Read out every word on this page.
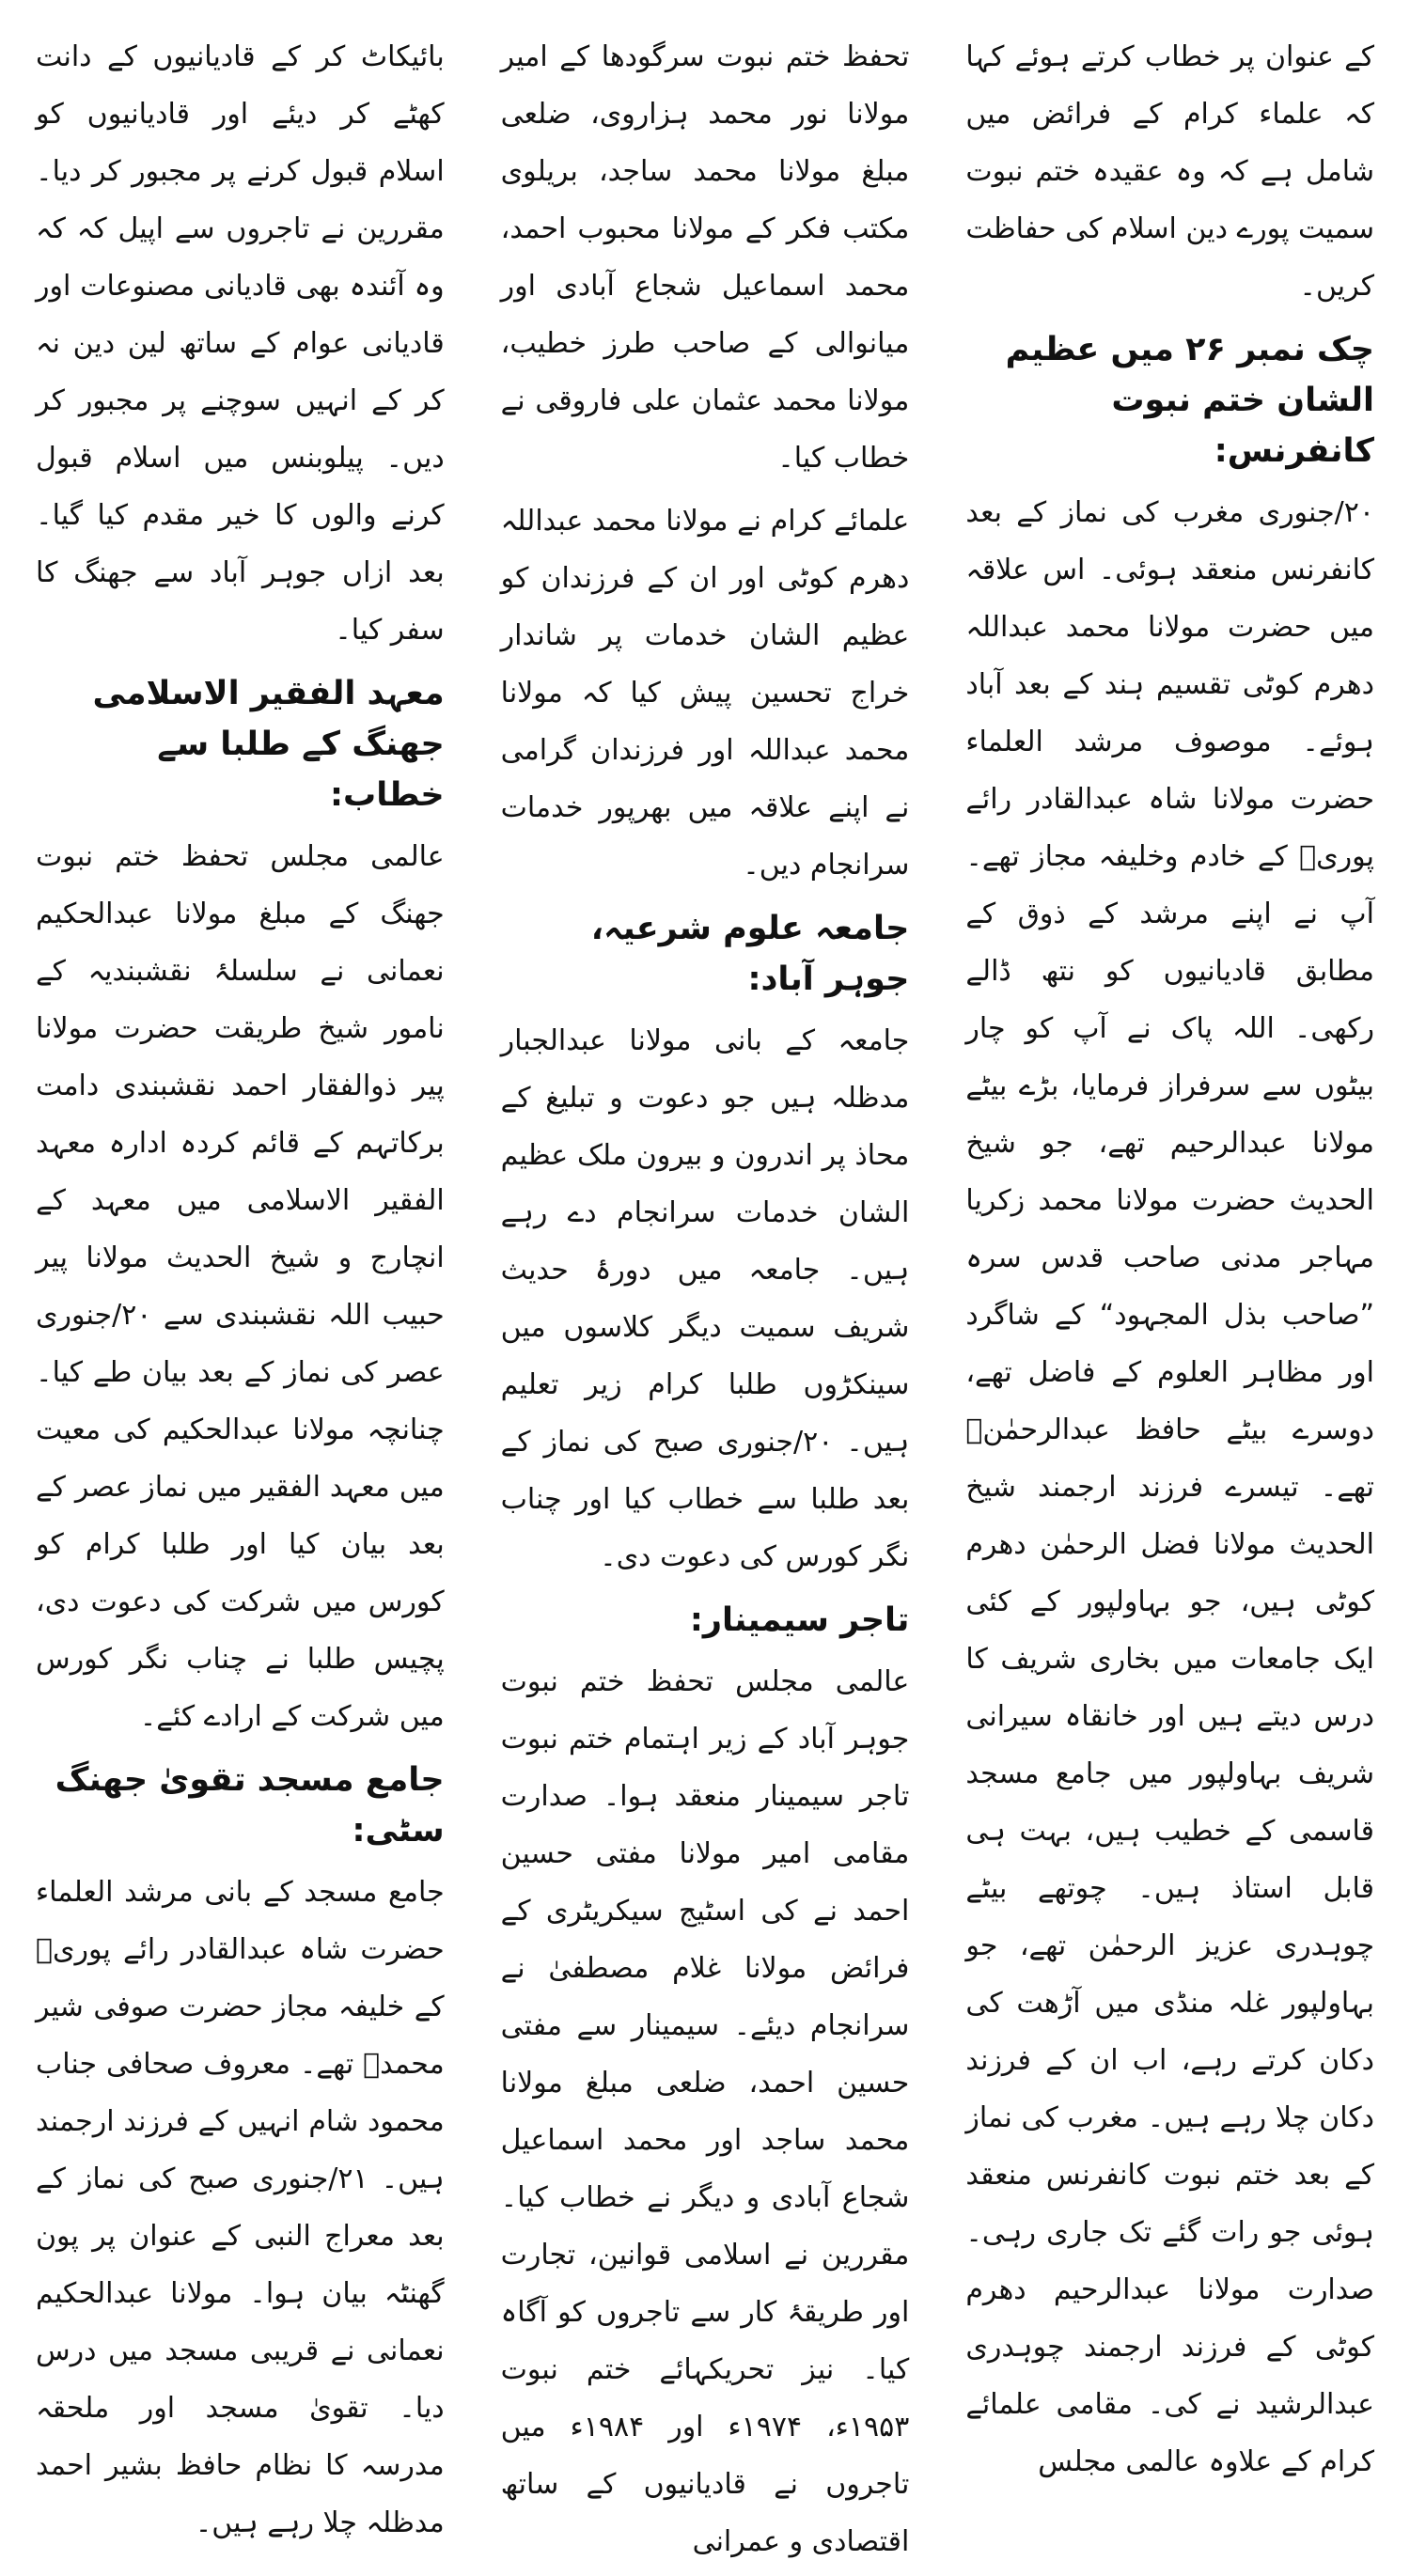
کے عنوان پر خطاب کرتے ہوئے کہا کہ علماء کرام کے فرائض میں شامل ہے کہ وہ عقیدہ ختم نبوت سمیت پورے دین اسلام کی حفاظت کریں۔

چک نمبر ۲۶ میں عظیم الشان ختم نبوت کانفرنس:

۲۰/جنوری مغرب کی نماز کے بعد کانفرنس منعقد ہوئی۔ اس علاقہ میں حضرت مولانا محمد عبداللہ دھرم کوٹی تقسیم ہند کے بعد آباد ہوئے۔ موصوف مرشد العلماء حضرت مولانا شاہ عبدالقادر رائے پوریؒ کے خادم وخلیفہ مجاز تھے۔ آپ نے اپنے مرشد کے ذوق کے مطابق قادیانیوں کو نتھ ڈالے رکھی۔ اللہ پاک نے آپ کو چار بیٹوں سے سرفراز فرمایا، بڑے بیٹے مولانا عبدالرحیم تھے، جو شیخ الحدیث حضرت مولانا محمد زکریا مہاجر مدنی صاحب قدس سرہ ”صاحب بذل المجہود“ کے شاگرد اور مظاہر العلوم کے فاضل تھے، دوسرے بیٹے حافظ عبدالرحمٰنؒ تھے۔ تیسرے فرزند ارجمند شیخ الحدیث مولانا فضل الرحمٰن دھرم کوٹی ہیں، جو بہاولپور کے کئی ایک جامعات میں بخاری شریف کا درس دیتے ہیں اور خانقاہ سیرانی شریف بہاولپور میں جامع مسجد قاسمی کے خطیب ہیں، بہت ہی قابل استاذ ہیں۔ چوتھے بیٹے چوہدری عزیز الرحمٰن تھے، جو بہاولپور غلہ منڈی میں آڑھت کی دکان کرتے رہے، اب ان کے فرزند دکان چلا رہے ہیں۔ مغرب کی نماز کے بعد ختم نبوت کانفرنس منعقد ہوئی جو رات گئے تک جاری رہی۔ صدارت مولانا عبدالرحیم دھرم کوٹی کے فرزند ارجمند چوہدری عبدالرشید نے کی۔ مقامی علمائے کرام کے علاوہ عالمی مجلس

تحفظ ختم نبوت سرگودھا کے امیر مولانا نور محمد ہزاروی، ضلعی مبلغ مولانا محمد ساجد، بریلوی مکتب فکر کے مولانا محبوب احمد، محمد اسماعیل شجاع آبادی اور میانوالی کے صاحب طرز خطیب، مولانا محمد عثمان علی فاروقی نے خطاب کیا۔

علمائے کرام نے مولانا محمد عبداللہ دھرم کوٹی اور ان کے فرزندان کو عظیم الشان خدمات پر شاندار خراج تحسین پیش کیا کہ مولانا محمد عبداللہ اور فرزندان گرامی نے اپنے علاقہ میں بھرپور خدمات سرانجام دیں۔

جامعہ علوم شرعیہ، جوہر آباد:

جامعہ کے بانی مولانا عبدالجبار مدظلہ ہیں جو دعوت و تبلیغ کے محاذ پر اندرون و بیرون ملک عظیم الشان خدمات سرانجام دے رہے ہیں۔ جامعہ میں دورۂ حدیث شریف سمیت دیگر کلاسوں میں سینکڑوں طلبا کرام زیر تعلیم ہیں۔ ۲۰/جنوری صبح کی نماز کے بعد طلبا سے خطاب کیا اور چناب نگر کورس کی دعوت دی۔

تاجر سیمینار:

عالمی مجلس تحفظ ختم نبوت جوہر آباد کے زیر اہتمام ختم نبوت تاجر سیمینار منعقد ہوا۔ صدارت مقامی امیر مولانا مفتی حسین احمد نے کی اسٹیج سیکریٹری کے فرائض مولانا غلام مصطفیٰ نے سرانجام دیئے۔ سیمینار سے مفتی حسین احمد، ضلعی مبلغ مولانا محمد ساجد اور محمد اسماعیل شجاع آبادی و دیگر نے خطاب کیا۔ مقررین نے اسلامی قوانین، تجارت اور طریقۂ کار سے تاجروں کو آگاہ کیا۔ نیز تحریکہائے ختم نبوت ۱۹۵۳ء، ۱۹۷۴ء اور ۱۹۸۴ء میں تاجروں نے قادیانیوں کے ساتھ اقتصادی و عمرانی

بائیکاٹ کر کے قادیانیوں کے دانت کھٹے کر دیئے اور قادیانیوں کو اسلام قبول کرنے پر مجبور کر دیا۔ مقررین نے تاجروں سے اپیل کہ کہ وہ آئندہ بھی قادیانی مصنوعات اور قادیانی عوام کے ساتھ لین دین نہ کر کے انہیں سوچنے پر مجبور کر دیں۔ پیلوبنس میں اسلام قبول کرنے والوں کا خیر مقدم کیا گیا۔ بعد ازاں جوہر آباد سے جھنگ کا سفر کیا۔

معہد الفقیر الاسلامی جھنگ کے طلبا سے خطاب:

عالمی مجلس تحفظ ختم نبوت جھنگ کے مبلغ مولانا عبدالحکیم نعمانی نے سلسلۂ نقشبندیہ کے نامور شیخ طریقت حضرت مولانا پیر ذوالفقار احمد نقشبندی دامت برکاتہم کے قائم کردہ ادارہ معہد الفقیر الاسلامی میں معہد کے انچارج و شیخ الحدیث مولانا پیر حبیب اللہ نقشبندی سے ۲۰/جنوری عصر کی نماز کے بعد بیان طے کیا۔ چنانچہ مولانا عبدالحکیم کی معیت میں معہد الفقیر میں نماز عصر کے بعد بیان کیا اور طلبا کرام کو کورس میں شرکت کی دعوت دی، پچیس طلبا نے چناب نگر کورس میں شرکت کے ارادے کئے۔

جامع مسجد تقویٰ جھنگ سٹی:

جامع مسجد کے بانی مرشد العلماء حضرت شاہ عبدالقادر رائے پوریؒ کے خلیفہ مجاز حضرت صوفی شیر محمدؒ تھے۔ معروف صحافی جناب محمود شام انہیں کے فرزند ارجمند ہیں۔ ۲۱/جنوری صبح کی نماز کے بعد معراج النبی کے عنوان پر پون گھنٹہ بیان ہوا۔ مولانا عبدالحکیم نعمانی نے قریبی مسجد میں درس دیا۔ تقویٰ مسجد اور ملحقہ مدرسہ کا نظام حافظ بشیر احمد مدظلہ چلا رہے ہیں۔
